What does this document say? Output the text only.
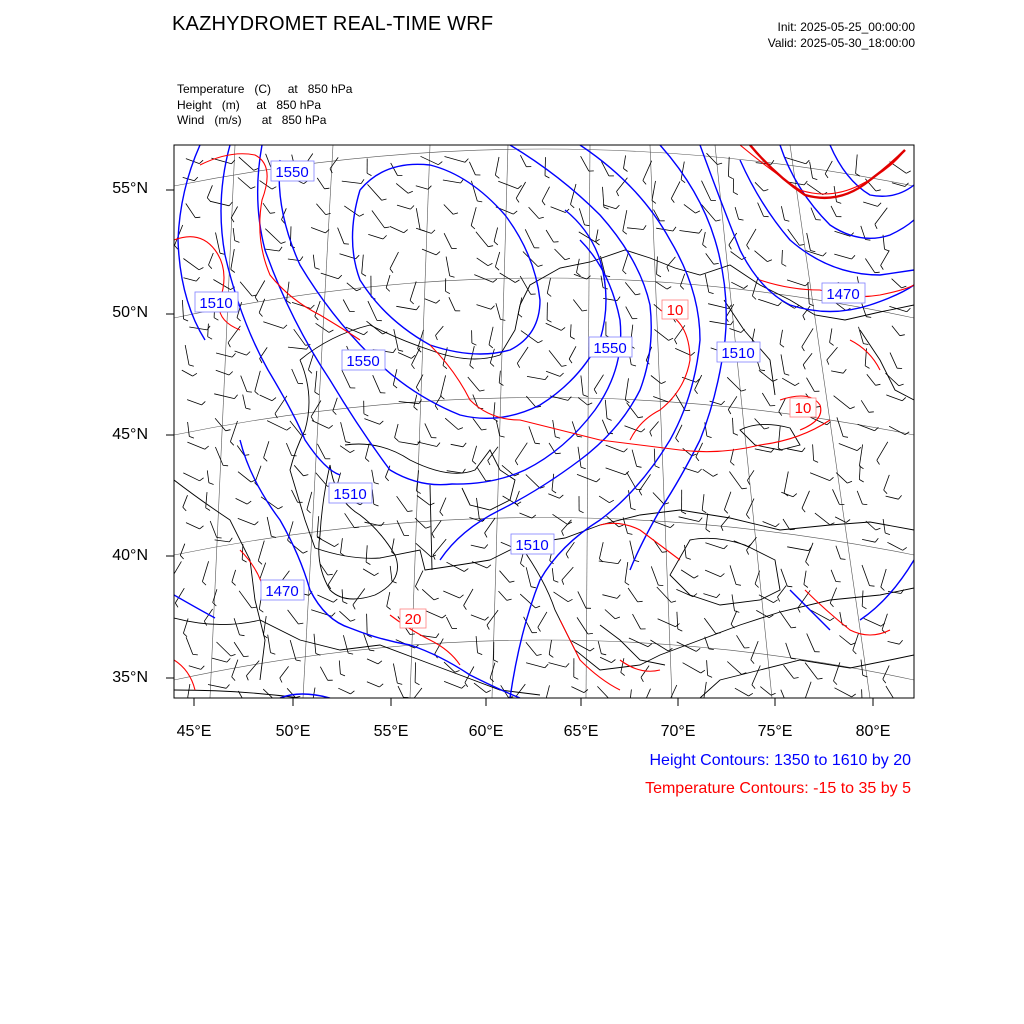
KAZHYDROMET REAL-TIME WRF	Init: 2025-05-25_00:00:00
Valid: 2025-05-30_18:00:00
Temperature (C) at   850 hPa
Height (m) at   850 hPa
Wind (m/s) at   850 hPa
1550
1510
1550
1550	1510
1470
1510
1510
1470
10
10
20
55°N
50°N
45°N
40°N
35°N
45°E	50°E	55°E	60°E	65°E	70°E	75°E	80°E
Height Contours: 1350 to 1610 by 20
Temperature Contours: -15 to 35 by 5
